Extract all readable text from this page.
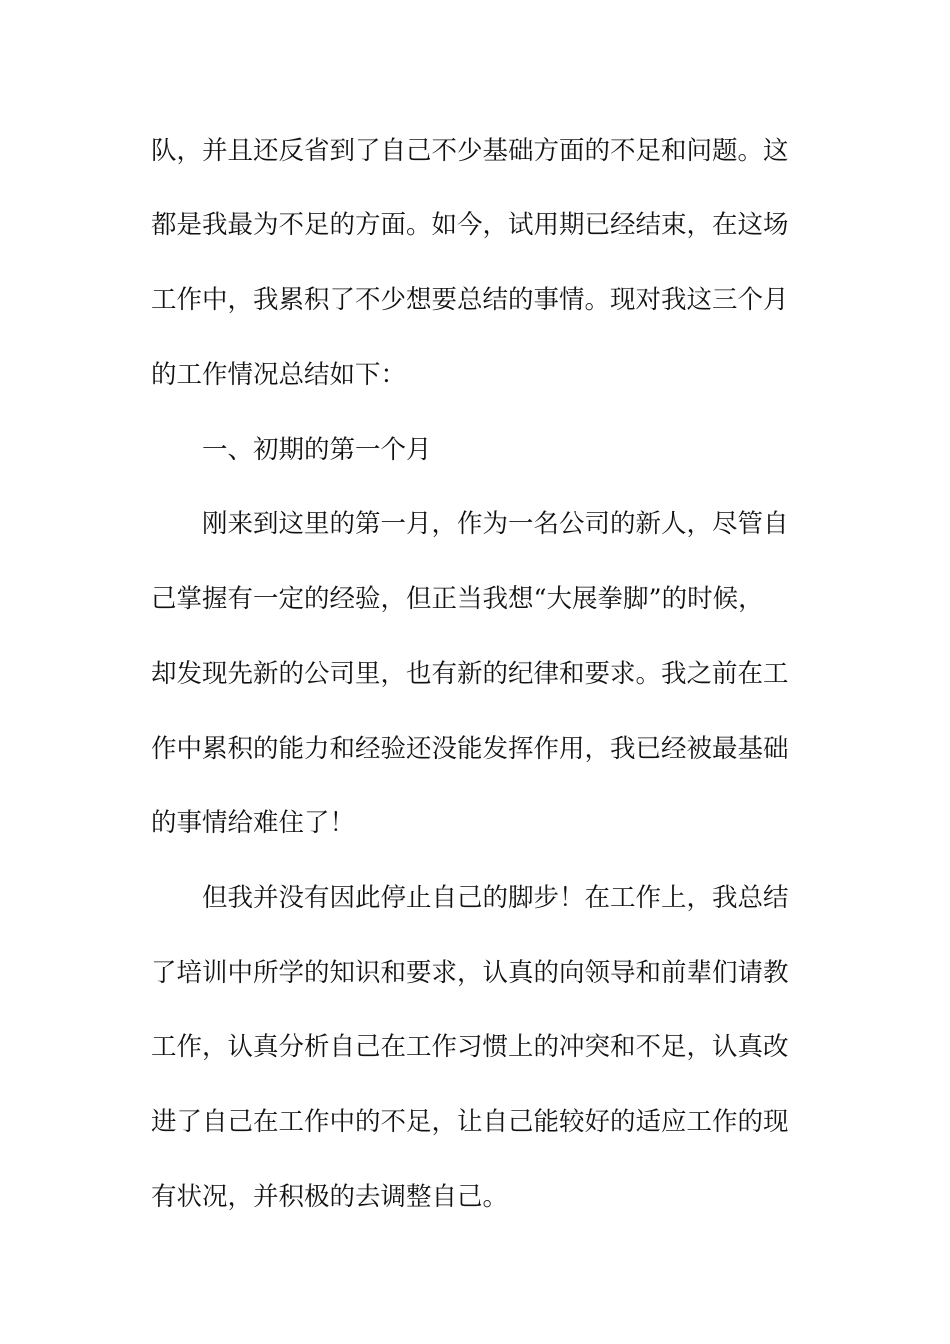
队，并且还反省到了自己不少基础方面的不足和问题。这
都是我最为不足的方面。如今，试用期已经结束，在这场
工作中，我累积了不少想要总结的事情。现对我这三个月
的工作情况总结如下：
一、初期的第一个月
刚来到这里的第一月，作为一名公司的新人，尽管自
己掌握有一定的经验，但正当我想“大展拳脚”的时候，
却发现先新的公司里，也有新的纪律和要求。我之前在工
作中累积的能力和经验还没能发挥作用，我已经被最基础
的事情给难住了！
但我并没有因此停止自己的脚步！在工作上，我总结
了培训中所学的知识和要求，认真的向领导和前辈们请教
工作，认真分析自己在工作习惯上的冲突和不足，认真改
进了自己在工作中的不足，让自己能较好的适应工作的现
有状况，并积极的去调整自己。
